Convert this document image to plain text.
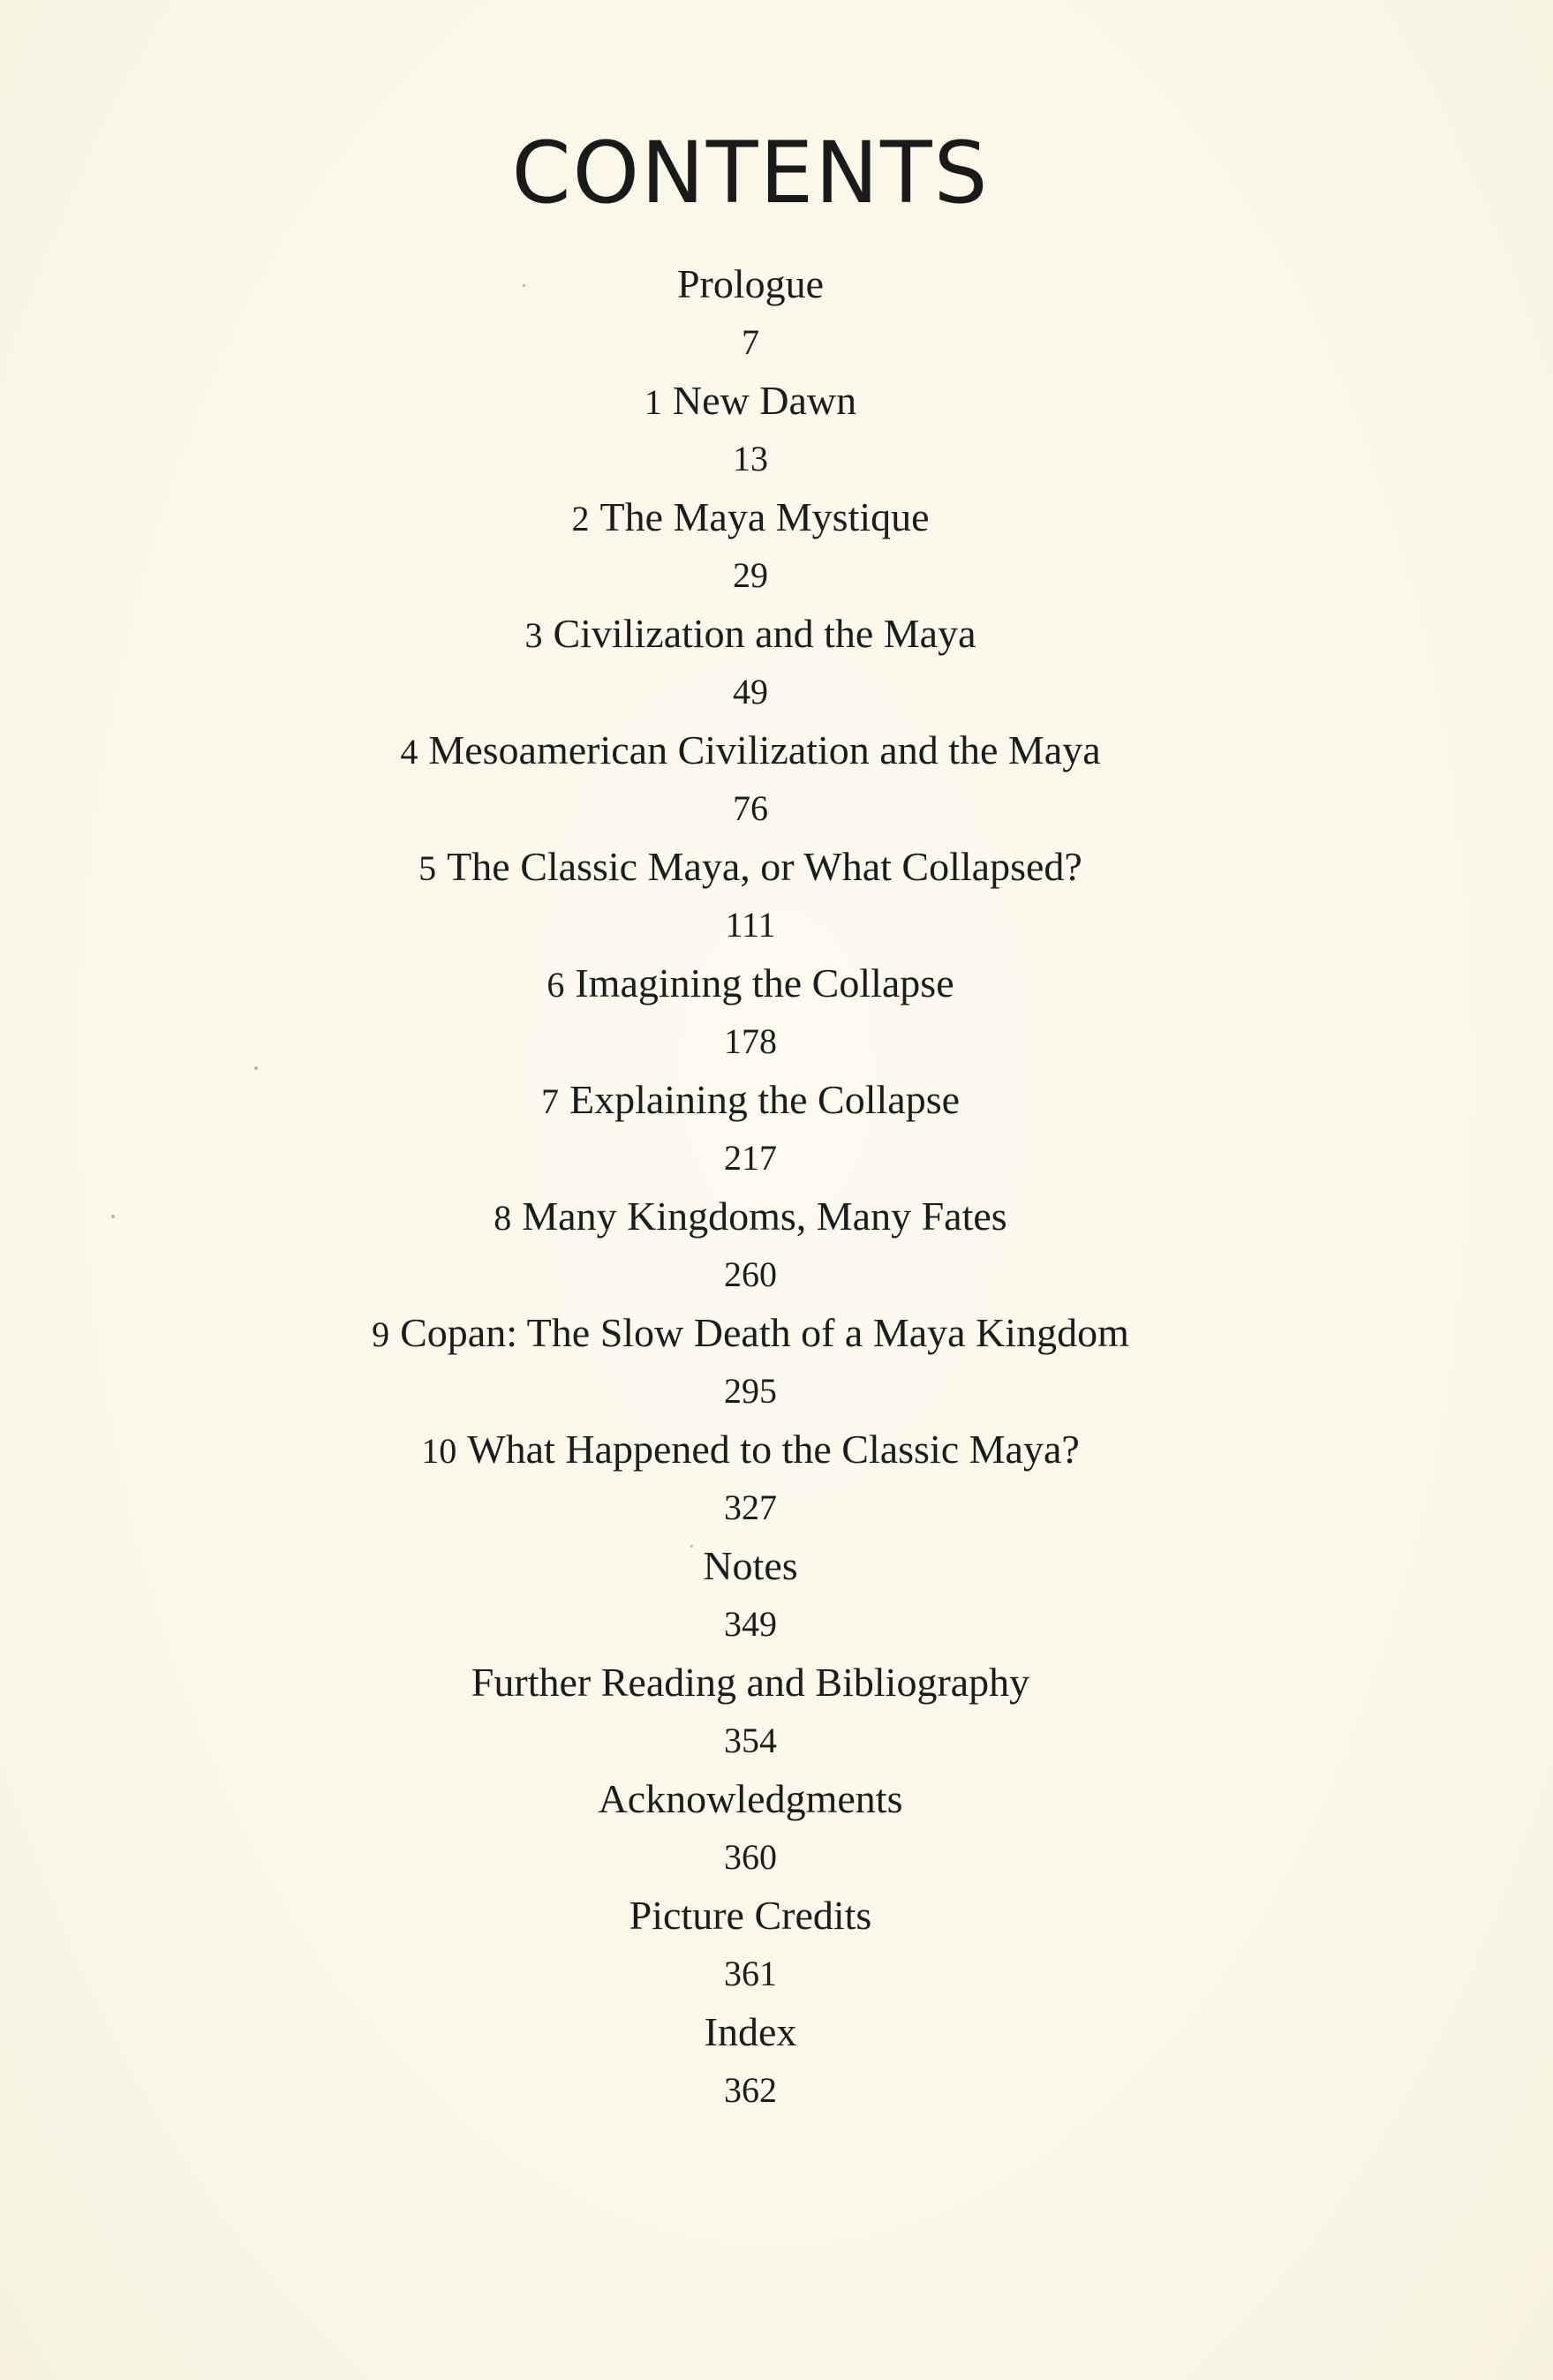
CONTENTS
Prologue
7
1 New Dawn
13
2 The Maya Mystique
29
3 Civilization and the Maya
49
4 Mesoamerican Civilization and the Maya
76
5 The Classic Maya, or What Collapsed?
111
6 Imagining the Collapse
178
7 Explaining the Collapse
217
8 Many Kingdoms, Many Fates
260
9 Copan: The Slow Death of a Maya Kingdom
295
10 What Happened to the Classic Maya?
327
Notes
349
Further Reading and Bibliography
354
Acknowledgments
360
Picture Credits
361
Index
362
